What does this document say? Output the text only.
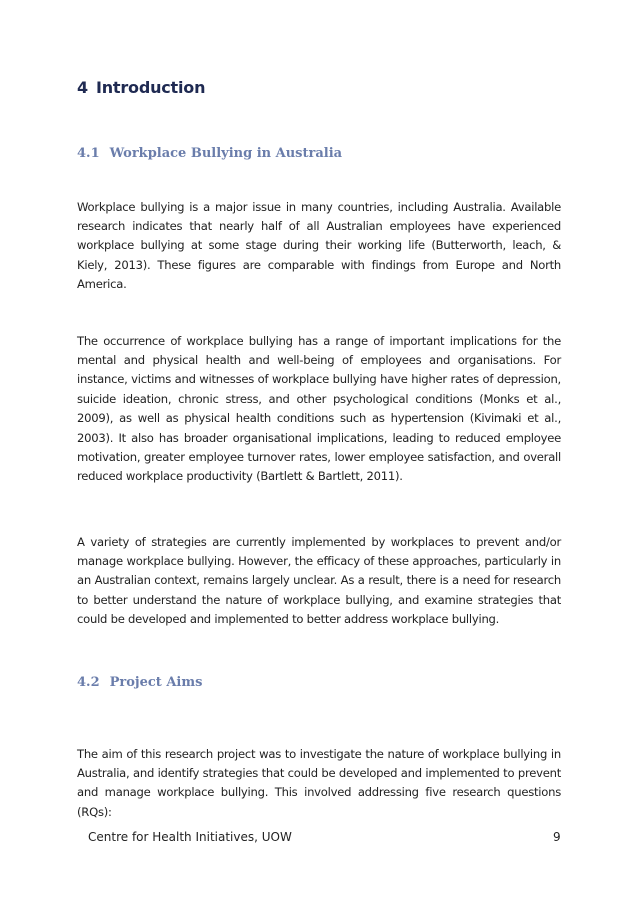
4 Introduction
4.1 Workplace Bullying in Australia

Workplace bullying is a major issue in many countries, including Australia. Available research indicates that nearly half of all Australian employees have experienced workplace bullying at some stage during their working life (Butterworth, leach, & Kiely, 2013). These figures are comparable with findings from Europe and North America.

The occurrence of workplace bullying has a range of important implications for the mental and physical health and well-being of employees and organisations. For instance, victims and witnesses of workplace bullying have higher rates of depression, suicide ideation, chronic stress, and other psychological conditions (Monks et al., 2009), as well as physical health conditions such as hypertension (Kivimaki et al., 2003). It also has broader organisational implications, leading to reduced employee motivation, greater employee turnover rates, lower employee satisfaction, and overall reduced workplace productivity (Bartlett & Bartlett, 2011).

A variety of strategies are currently implemented by workplaces to prevent and/or manage workplace bullying. However, the efficacy of these approaches, particularly in an Australian context, remains largely unclear. As a result, there is a need for research to better understand the nature of workplace bullying, and examine strategies that could be developed and implemented to better address workplace bullying.

4.2 Project Aims

The aim of this research project was to investigate the nature of workplace bullying in Australia, and identify strategies that could be developed and implemented to prevent and manage workplace bullying. This involved addressing five research questions (RQs):

Centre for Health Initiatives, UOW	9
